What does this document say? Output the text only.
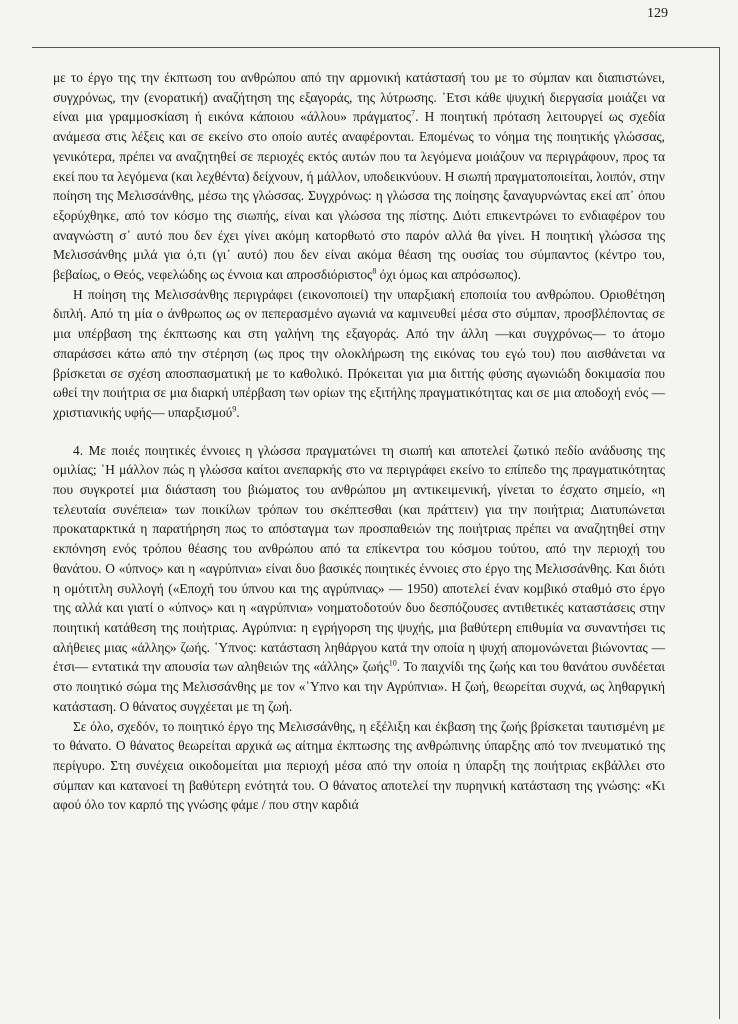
129

με το έργο της την έκπτωση του ανθρώπου από την αρμονική κατάστασή του με το σύμπαν και διαπιστώνει, συγχρόνως, την (ενορατική) αναζήτηση της εξαγοράς, της λύτρωσης. ῾Ετσι κάθε ψυχική διεργασία μοιάζει να είναι μια γραμμοσκίαση ή εικόνα κάποιου «άλλου» πράγματος$^7$. Η ποιητική πρόταση λειτουργεί ως σχεδία ανάμεσα στις λέξεις και σε εκείνο στο οποίο αυτές αναφέρονται. Επομένως το νόημα της ποιητικής γλώσσας, γενικότερα, πρέπει να αναζητηθεί σε περιοχές εκτός αυτών που τα λεγόμενα μοιάζουν να περιγράφουν, προς τα εκεί που τα λεγόμενα (και λεχθέντα) δείχνουν, ή μάλλον, υποδεικνύουν. Η σιωπή πραγματοποιείται, λοιπόν, στην ποίηση της Μελισσάνθης, μέσω της γλώσσας. Συγχρόνως: η γλώσσα της ποίησης ξαναγυρνώντας εκεί απ᾿ όπου εξορύχθηκε, από τον κόσμο της σιωπής, είναι και γλώσσα της πίστης. Διότι επικεντρώνει το ενδιαφέρον του αναγνώστη σ᾿ αυτό που δεν έχει γίνει ακόμη κατορθωτό στο παρόν αλλά θα γίνει. Η ποιητική γλώσσα της Μελισσάνθης μιλά για ό,τι (γι᾿ αυτό) που δεν είναι ακόμα θέαση της ουσίας του σύμπαντος (κέντρο του, βεβαίως, ο Θεός, νεφελώδης ως έννοια και απροσδιόριστος$^8$ όχι όμως και απρόσωπος).

Η ποίηση της Μελισσάνθης περιγράφει (εικονοποιεί) την υπαρξιακή εποποιία του ανθρώπου. Οριοθέτηση διπλή. Από τη μία ο άνθρωπος ως ον πεπερασμένο αγωνιά να καμινευθεί μέσα στο σύμπαν, προσβλέποντας σε μια υπέρβαση της έκπτωσης και στη γαλήνη της εξαγοράς. Από την άλλη —και συγχρόνως— το άτομο σπαράσσει κάτω από την στέρηση (ως προς την ολοκλήρωση της εικόνας του εγώ του) που αισθάνεται να βρίσκεται σε σχέση αποσπασματική με το καθολικό. Πρόκειται για μια διττής φύσης αγωνιώδη δοκιμασία που ωθεί την ποιήτρια σε μια διαρκή υπέρβαση των ορίων της εξιτήλης πραγματικότητας και σε μια αποδοχή ενός —χριστιανικής υφής— υπαρξισμού$^9$.

4. Με ποιές ποιητικές έννοιες η γλώσσα πραγματώνει τη σιωπή και αποτελεί ζωτικό πεδίο ανάδυσης της ομιλίας; ῾Η μάλλον πώς η γλώσσα καίτοι ανεπαρκής στο να περιγράφει εκείνο το επίπεδο της πραγματικότητας που συγκροτεί μια διάσταση του βιώματος του ανθρώπου μη αντικειμενική, γίνεται το έσχατο σημείο, «η τελευταία συνέπεια» των ποικίλων τρόπων του σκέπτεσθαι (και πράττειν) για την ποιήτρια; Διατυπώνεται προκαταρκτικά η παρατήρηση πως το απόσταγμα των προσπαθειών της ποιήτριας πρέπει να αναζητηθεί στην εκπόνηση ενός τρόπου θέασης του ανθρώπου από τα επίκεντρα του κόσμου τούτου, από την περιοχή του θανάτου. Ο «ύπνος» και η «αγρύπνια» είναι δυο βασικές ποιητικές έννοιες στο έργο της Μελισσάνθης. Και διότι η ομότιτλη συλλογή («Εποχή του ύπνου και της αγρύπνιας» — 1950) αποτελεί έναν κομβικό σταθμό στο έργο της αλλά και γιατί ο «ύπνος» και η «αγρύπνια» νοηματοδοτούν δυο δεσπόζουσες αντιθετικές καταστάσεις στην ποιητική κατάθεση της ποιήτριας. Αγρύπνια: η εγρήγορση της ψυχής, μια βαθύτερη επιθυμία να συναντήσει τις αλήθειες μιας «άλλης» ζωής. ῾Υπνος: κατάσταση ληθάργου κατά την οποία η ψυχή απομονώνεται βιώνοντας —έτσι— εντατικά την απουσία των αληθειών της «άλλης» ζωής$^{10}$. Το παιχνίδι της ζωής και του θανάτου συνδέεται στο ποιητικό σώμα της Μελισσάνθης με τον «῾Υπνο και την Αγρύπνια». Η ζωή, θεωρείται συχνά, ως ληθαργική κατάσταση. Ο θάνατος συγχέεται με τη ζωή.

Σε όλο, σχεδόν, το ποιητικό έργο της Μελισσάνθης, η εξέλιξη και έκβαση της ζωής βρίσκεται ταυτισμένη με το θάνατο. Ο θάνατος θεωρείται αρχικά ως αίτημα έκπτωσης της ανθρώπινης ύπαρξης από τον πνευματικό της περίγυρο. Στη συνέχεια οικοδομείται μια περιοχή μέσα από την οποία η ύπαρξη της ποιήτριας εκβάλλει στο σύμπαν και κατανοεί τη βαθύτερη ενότητά του. Ο θάνατος αποτελεί την πυρηνική κατάσταση της γνώσης: «Κι αφού όλο τον καρπό της γνώσης φάμε / που στην καρδιά
